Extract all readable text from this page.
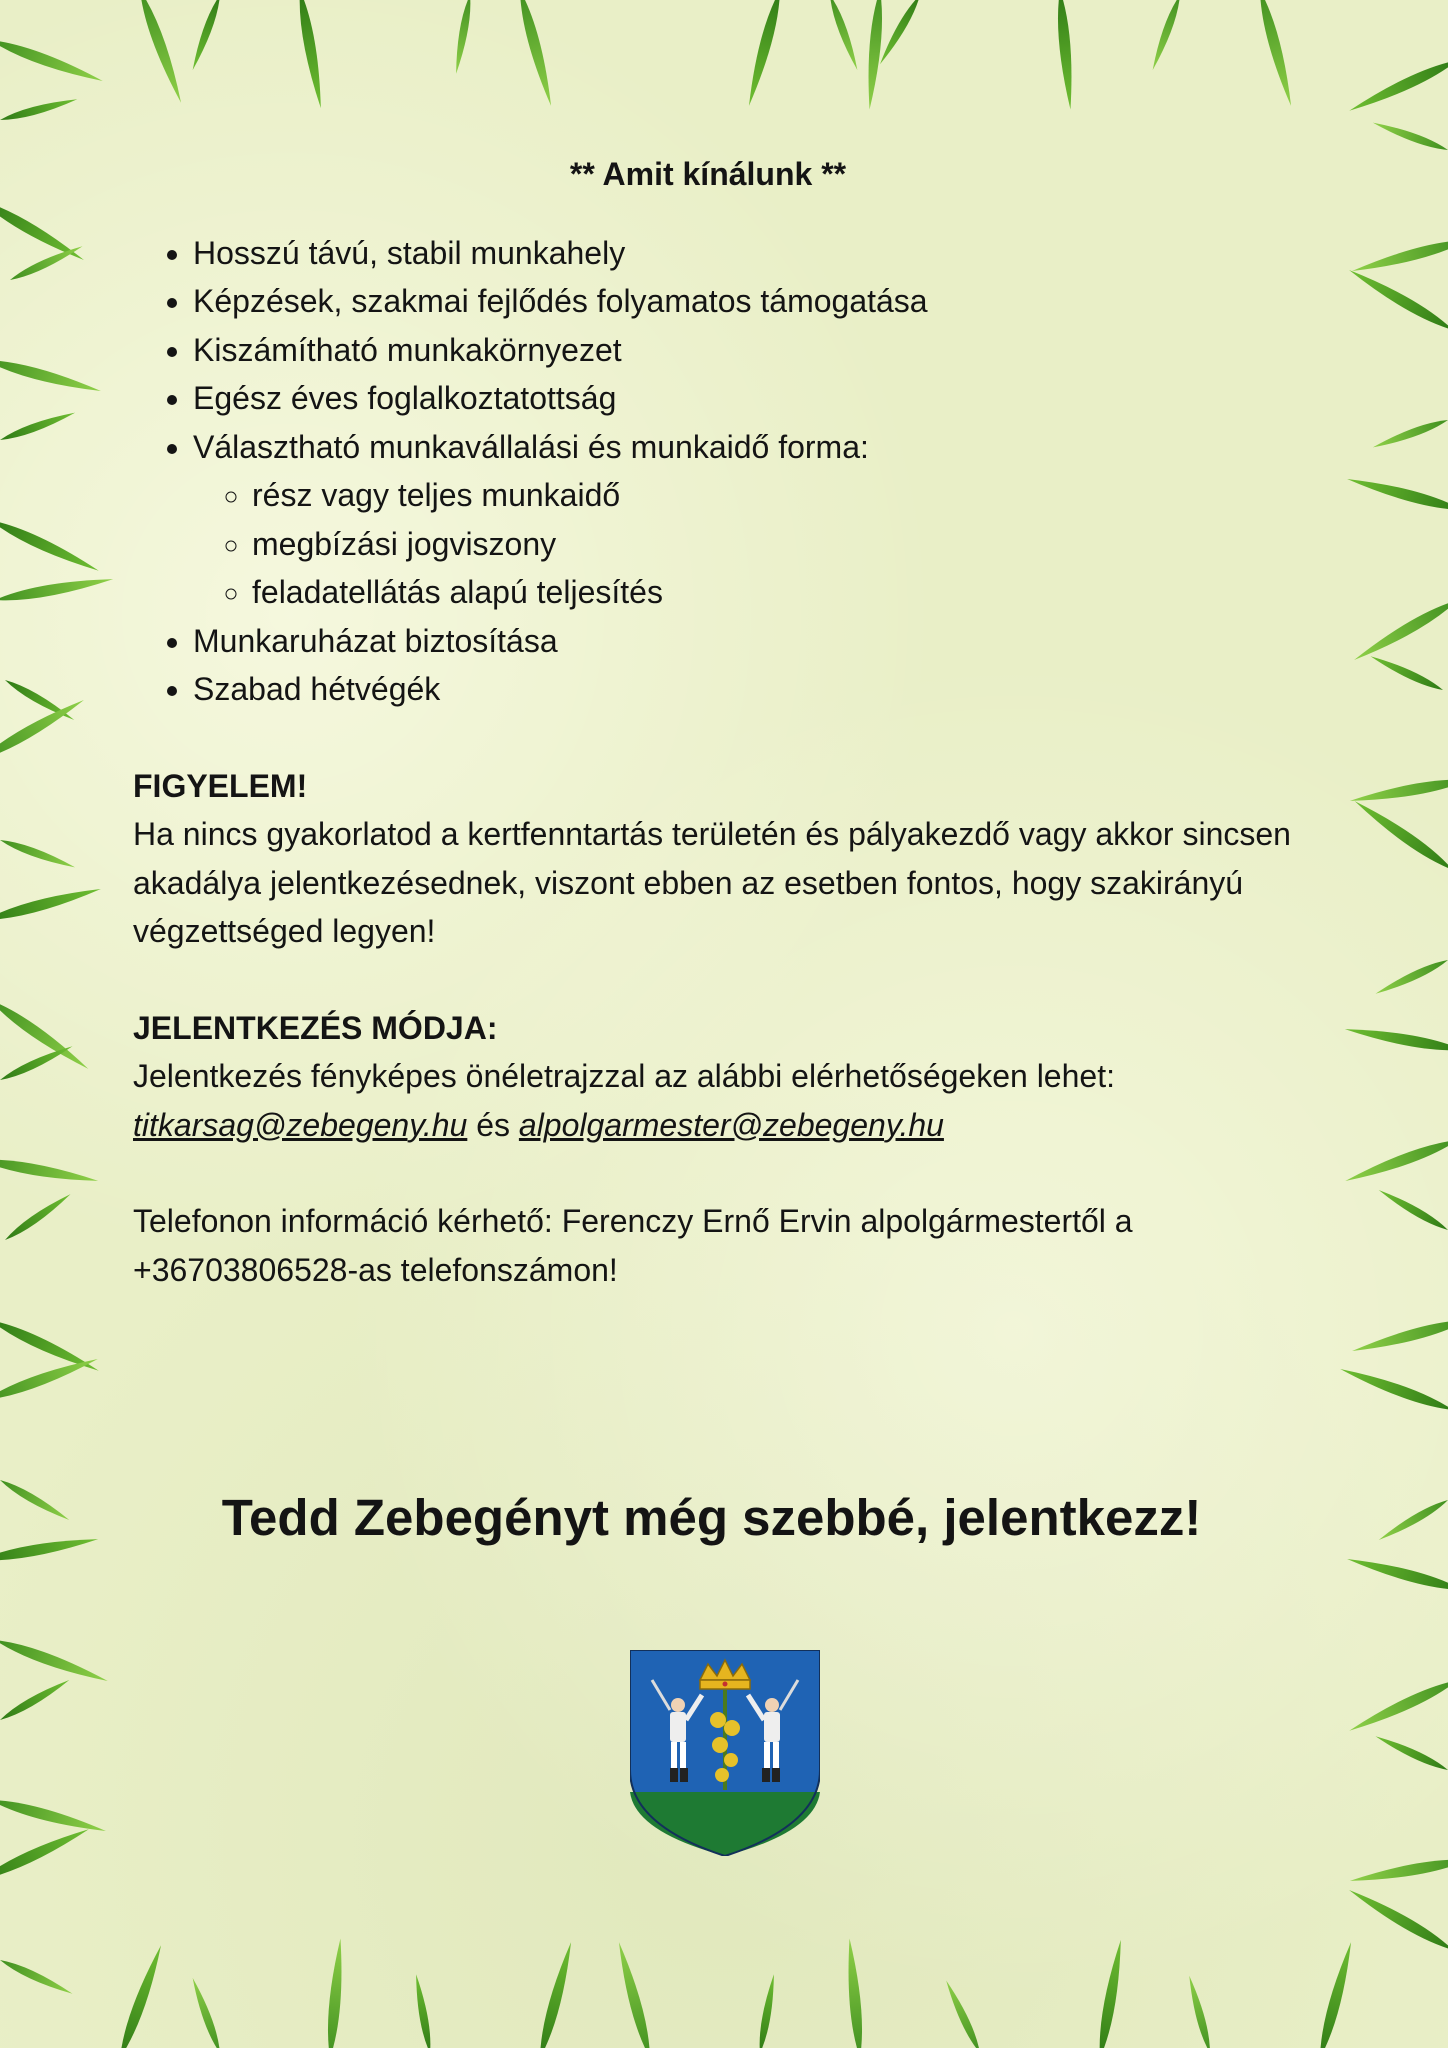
** Amit kínálunk **
• Hosszú távú, stabil munkahely
• Képzések, szakmai fejlődés folyamatos támogatása
• Kiszámítható munkakörnyezet
• Egész éves foglalkoztatottság
• Választható munkavállalási és munkaidő forma:
◦ rész vagy teljes munkaidő
◦ megbízási jogviszony
◦ feladatellátás alapú teljesítés
• Munkaruházat biztosítása
• Szabad hétvégék
FIGYELEM!

Ha nincs gyakorlatod a kertfenntartás területén és pályakezdő vagy akkor sincsen akadálya jelentkezésednek, viszont ebben az esetben fontos, hogy szakirányú végzettséged legyen!

JELENTKEZÉS MÓDJA:

Jelentkezés fényképes önéletrajzzal az alábbi elérhetőségeken lehet:

titkarsag@zebegeny.hu és alpolgarmester@zebegeny.hu

Telefonon információ kérhető: Ferenczy Ernő Ervin alpolgármestertől a +36703806528-as telefonszámon!

Tedd Zebegényt még szebbé, jelentkezz!
